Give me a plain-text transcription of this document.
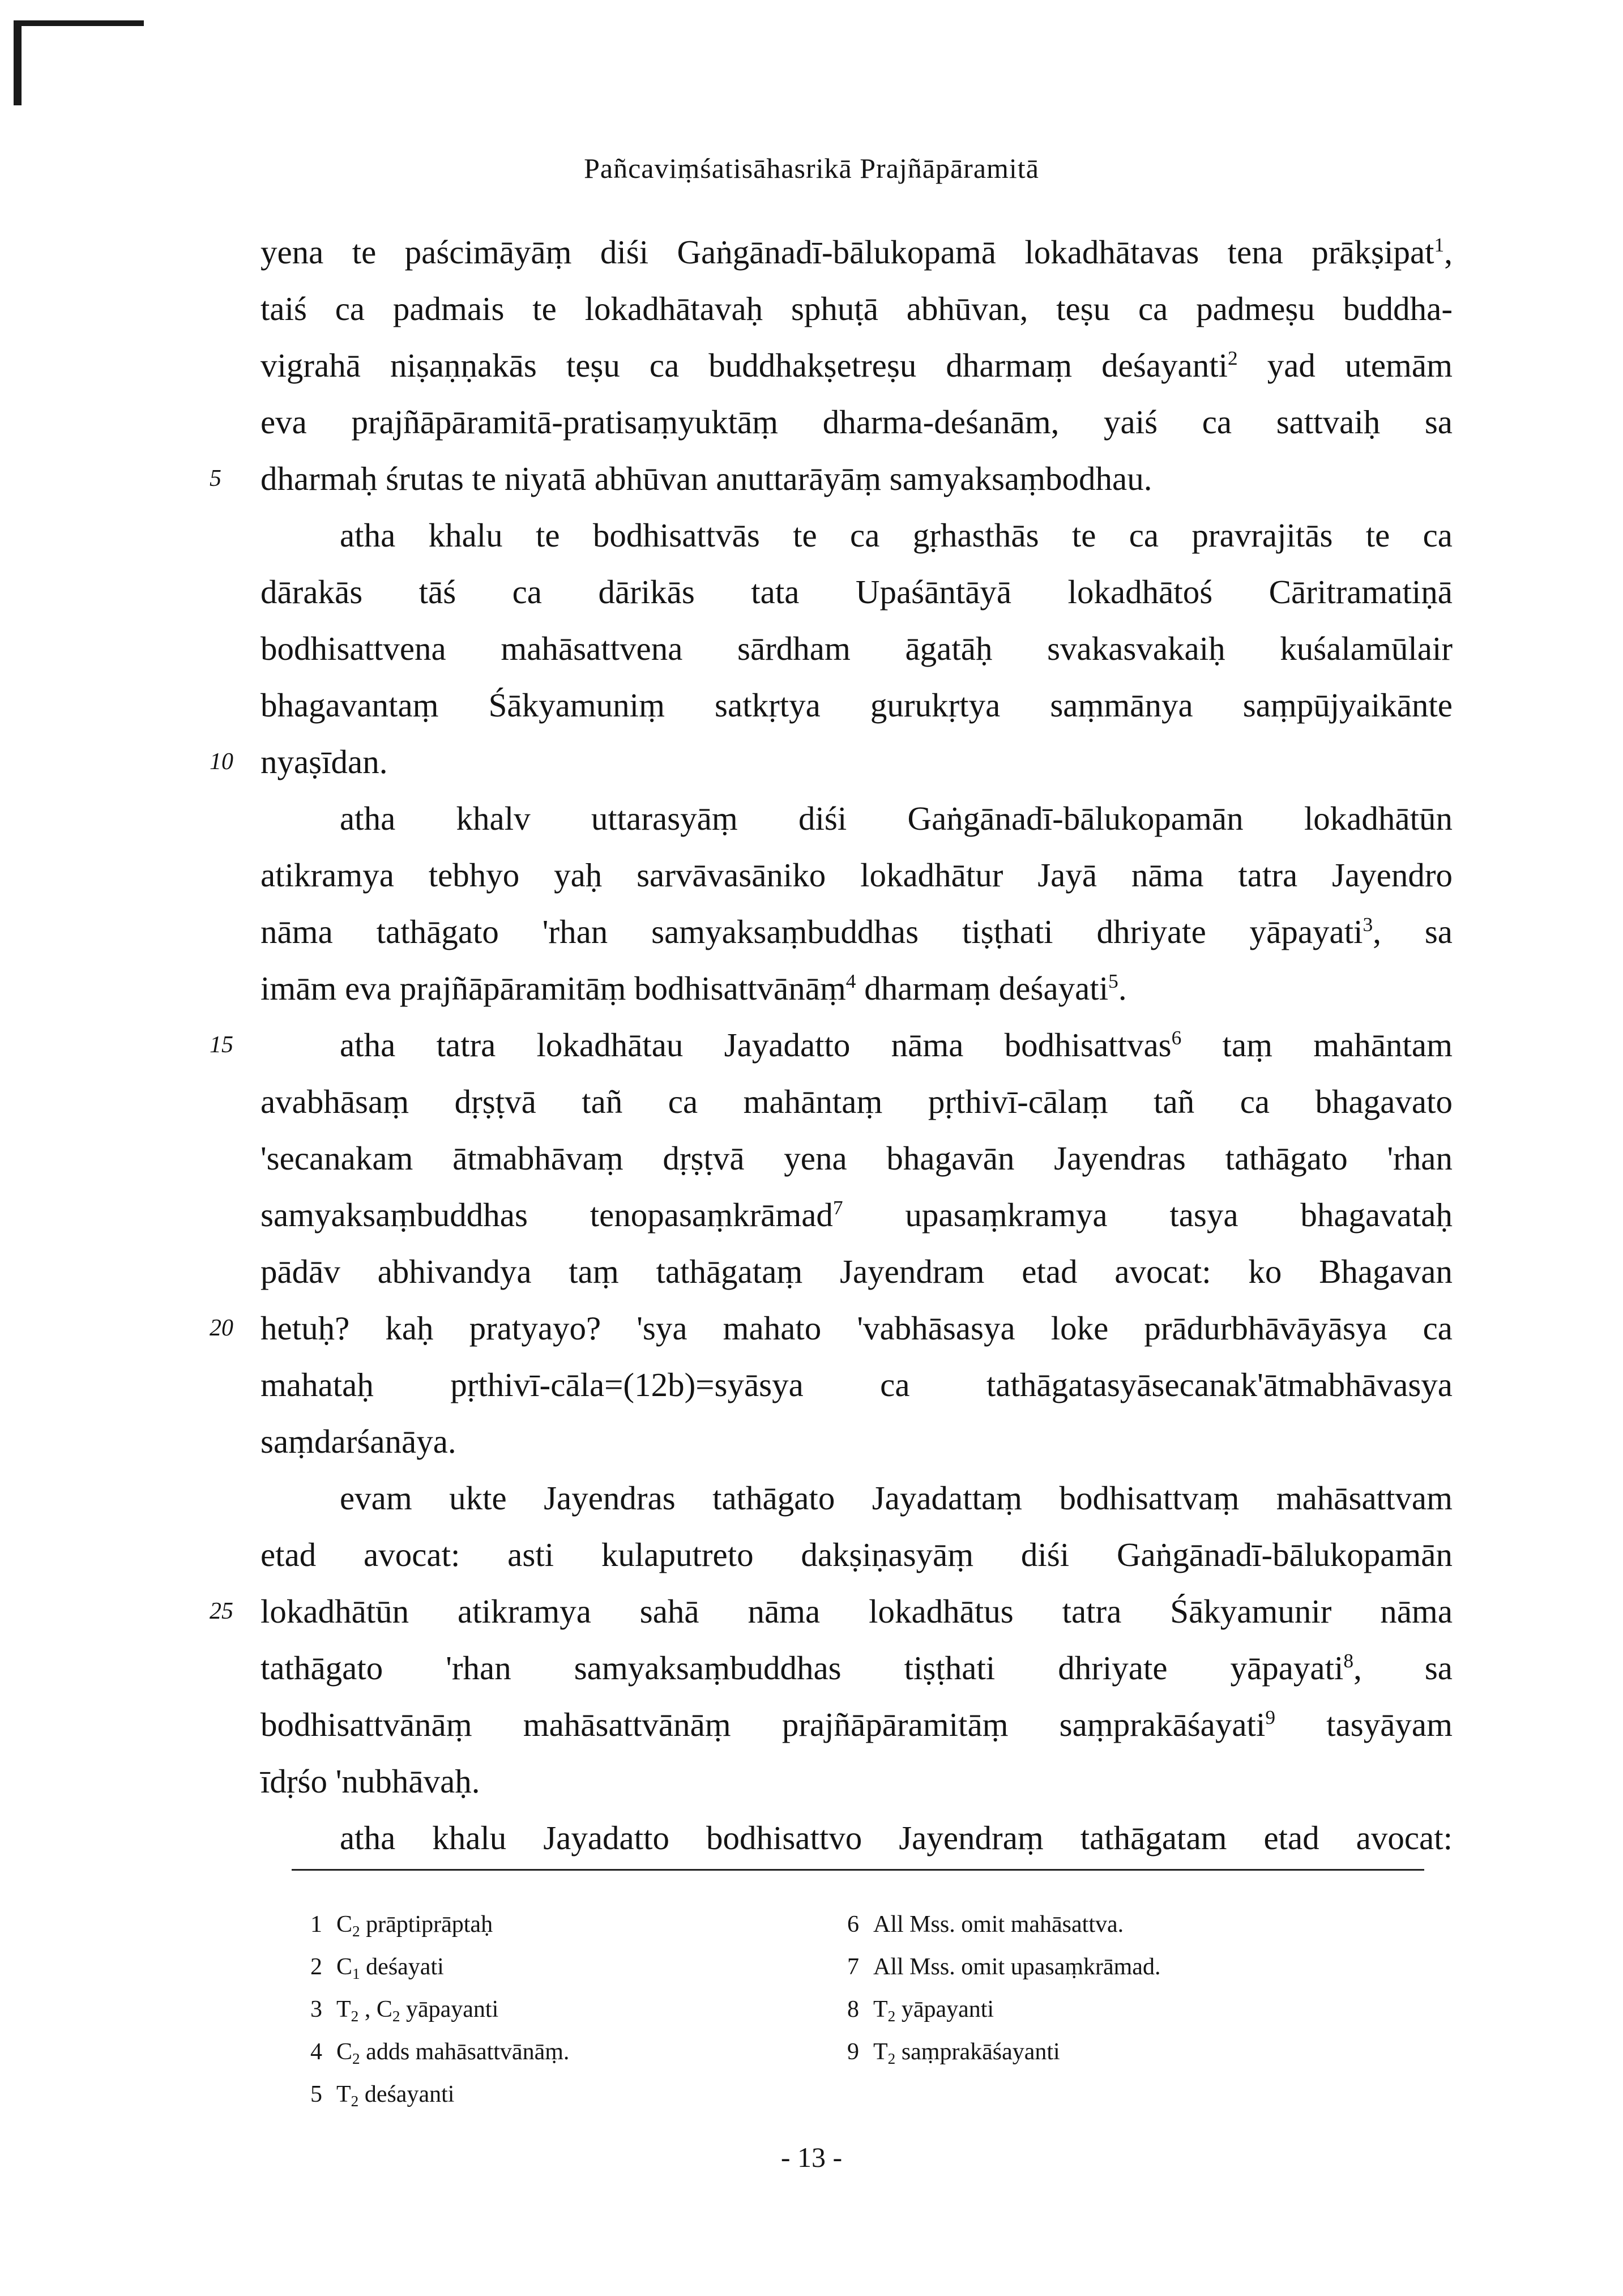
Pañcaviṃśatisāhasrikā Prajñāpāramitā
yena te paścimāyāṃ diśi Gaṅgānadī-bālukopamā lokadhātavas tena prākṣipat$^1$,
taiś ca padmais te lokadhātavaḥ sphuṭā abhūvan, teṣu ca padmeṣu buddha-
vigrahā niṣaṇṇakās teṣu ca buddhakṣetreṣu dharmaṃ deśayanti$^2$ yad utemām
eva prajñāpāramitā-pratisaṃyuktāṃ dharma-deśanām, yaiś ca sattvaiḥ sa
dharmaḥ śrutas te niyatā abhūvan anuttarāyāṃ samyaksaṃbodhau.
atha khalu te bodhisattvās te ca gṛhasthās te ca pravrajitās te ca
dārakās tāś ca dārikās tata Upaśāntāyā lokadhātoś Cāritramatiṇā
bodhisattvena mahāsattvena sārdham āgatāḥ svakasvakaiḥ kuśalamūlair
bhagavantaṃ Śākyamuniṃ satkṛtya gurukṛtya saṃmānya saṃpūjyaikānte
nyaṣīdan.
atha khalv uttarasyāṃ diśi Gaṅgānadī-bālukopamān lokadhātūn
atikramya tebhyo yaḥ sarvāvasāniko lokadhātur Jayā nāma tatra Jayendro
nāma tathāgato 'rhan samyaksaṃbuddhas tiṣṭhati dhriyate yāpayati$^3$, sa
imām eva prajñāpāramitāṃ bodhisattvānāṃ$^4$ dharmaṃ deśayati$^5$.
atha tatra lokadhātau Jayadatto nāma bodhisattvas$^6$ taṃ mahāntam
avabhāsaṃ dṛṣṭvā tañ ca mahāntaṃ pṛthivī-cālaṃ tañ ca bhagavato
'secanakam ātmabhāvaṃ dṛṣṭvā yena bhagavān Jayendras tathāgato 'rhan
samyaksaṃbuddhas tenopasaṃkrāmad$^7$ upasaṃkramya tasya bhagavataḥ
pādāv abhivandya taṃ tathāgataṃ Jayendram etad avocat: ko Bhagavan
hetuḥ? kaḥ pratyayo? 'sya mahato 'vabhāsasya loke prādurbhāvāyāsya ca
mahataḥ pṛthivī-cāla=(12b)=syāsya ca tathāgatasyāsecanak'ātmabhāvasya
saṃdarśanāya.
evam ukte Jayendras tathāgato Jayadattaṃ bodhisattvaṃ mahāsattvam
etad avocat: asti kulaputreto dakṣiṇasyāṃ diśi Gaṅgānadī-bālukopamān
lokadhātūn atikramya sahā nāma lokadhātus tatra Śākyamunir nāma
tathāgato 'rhan samyaksaṃbuddhas tiṣṭhati dhriyate yāpayati$^8$, sa
bodhisattvānāṃ mahāsattvānāṃ prajñāpāramitāṃ saṃprakāśayati$^9$ tasyāyam
īdṛśo 'nubhāvaḥ.
atha khalu Jayadatto bodhisattvo Jayendraṃ tathāgatam etad avocat:
5
10
15
20
25
1 $C_2$ prāptiprāptaḥ
2 $C_1$ deśayati
3 $T_2$ , $C_2$ yāpayanti
4 $C_2$ adds mahāsattvānāṃ.
5 $T_2$ deśayanti
6 All Mss. omit mahāsattva.
7 All Mss. omit upasaṃkrāmad.
8 $T_2$ yāpayanti
9 $T_2$ saṃprakāśayanti
- 13 -
